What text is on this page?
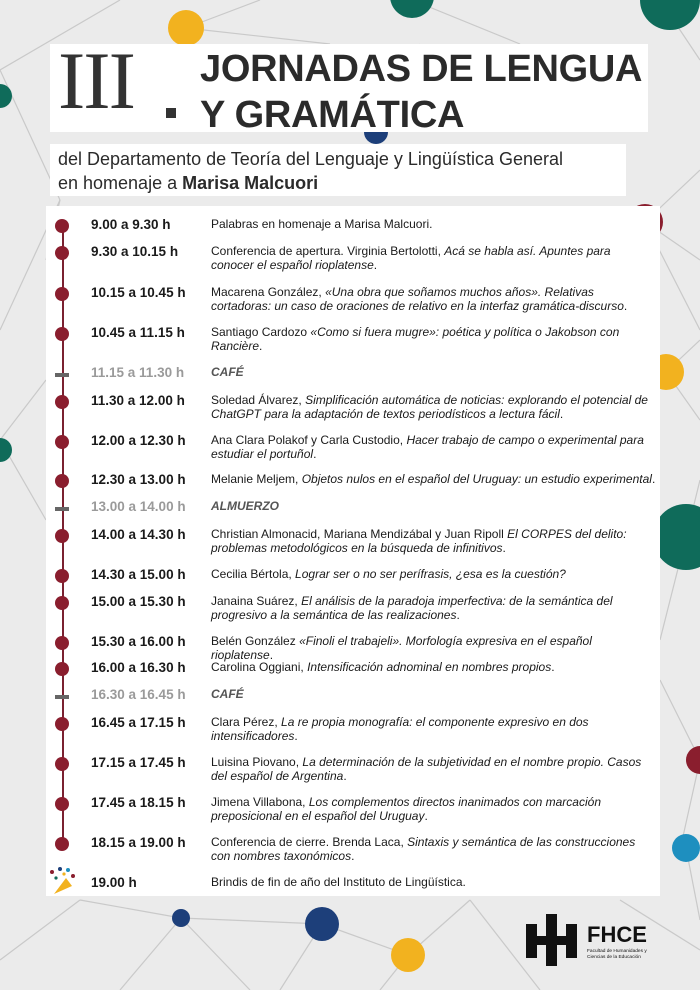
III JORNADAS DE LENGUA
Y GRAMÁTICA
del Departamento de Teoría del Lenguaje y Lingüística General
en homenaje a Marisa Malcuori
9.00 a 9.30 h	Palabras en homenaje a Marisa Malcuori.
9.30 a 10.15 h	Conferencia de apertura. Virginia Bertolotti, Acá se habla así. Apuntes para conocer el español rioplatense.
10.15 a 10.45 h Macarena González, «Una obra que soñamos muchos años». Relativas cortadoras: un caso de oraciones de relativo en la interfaz gramática-discurso.
10.45 a 11.15 h Santiago Cardozo «Como si fuera mugre»: poética y política o Jakobson con Rancière.
11.15 a 11.30 h CAFÉ
11.30 a 12.00 h Soledad Álvarez, Simplificación automática de noticias: explorando el potencial de ChatGPT para la adaptación de textos periodísticos a lectura fácil.
12.00 a 12.30 h Ana Clara Polakof y Carla Custodio, Hacer trabajo de campo o experimental para estudiar el portuñol.
12.30 a 13.00 h Melanie Meljem, Objetos nulos en el español del Uruguay: un estudio experimental.
13.00 a 14.00 h ALMUERZO
14.00 a 14.30 h Christian Almonacid, Mariana Mendizábal y Juan Ripoll El CORPES del delito: problemas metodológicos en la búsqueda de infinitivos.
14.30 a 15.00 h Cecilia Bértola, Lograr ser o no ser perífrasis, ¿esa es la cuestión?
15.00 a 15.30 h Janaina Suárez, El análisis de la paradoja imperfectiva: de la semántica del progresivo a la semántica de las realizaciones.
15.30 a 16.00 h Belén González «Finoli el trabajeli». Morfología expresiva en el español rioplatense.
16.00 a 16.30 h Carolina Oggiani, Intensificación adnominal en nombres propios.
16.30 a 16.45 h CAFÉ
16.45 a 17.15 h Clara Pérez, La re propia monografía: el componente expresivo en dos intensificadores.
17.15 a 17.45 h Luisina Piovano, La determinación de la subjetividad en el nombre propio. Casos del español de Argentina.
17.45 a 18.15 h Jimena Villabona, Los complementos directos inanimados con marcación preposicional en el español del Uruguay.
18.15 a 19.00 h Conferencia de cierre. Brenda Laca, Sintaxis y semántica de las construcciones con nombres taxonómicos.
19.00 h	Brindis de fin de año del Instituto de Lingüística.
FHCE
Facultad de Humanidades y Ciencias de la Educación
